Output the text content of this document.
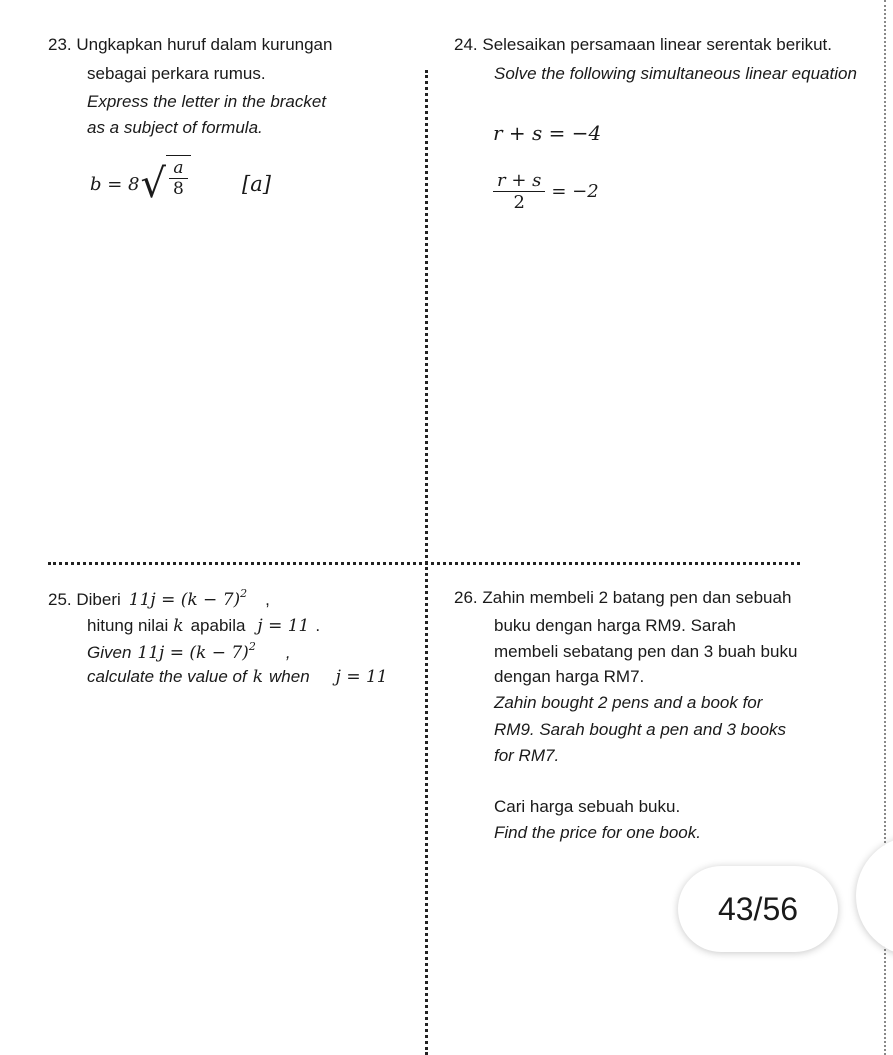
23. Ungkapkan huruf dalam kurungan
sebagai perkara rumus.
Express the letter in the bracket
as a subject of formula.
b = 8 √ $\frac{a}{8}$	[a]
24. Selesaikan persamaan linear serentak berikut.
Solve the following simultaneous linear equation
r + s = −4
$\frac{r + s}{2} = -2$
25. Diberi $11j = (k - 7)^2$ ,
hitung nilai k apabila j = 11 .
Given $11j = (k - 7)^2$ ,
calculate the value of k when j = 11
26. Zahin membeli 2 batang pen dan sebuah
buku dengan harga RM9. Sarah
membeli sebatang pen dan 3 buah buku
dengan harga RM7.
Zahin bought 2 pens and a book for
RM9. Sarah bought a pen and 3 books
for RM7.
Cari harga sebuah buku.
Find the price for one book.
43/56
